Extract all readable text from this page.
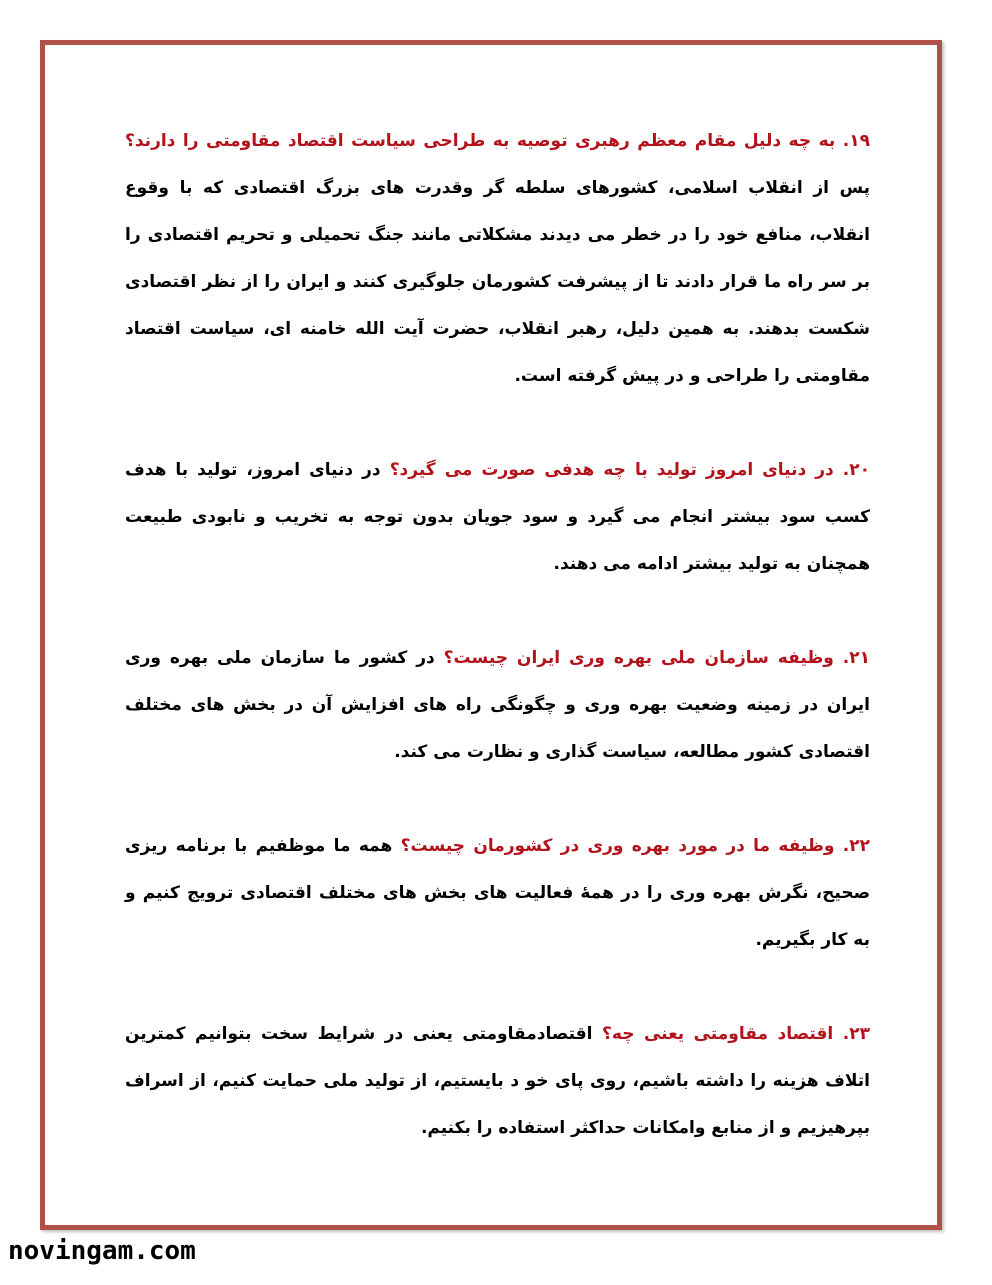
۱۹. به چه دلیل مقام معظم رهبری توصیه به طراحی سیاست اقتصاد مقاومتی را دارند؟ پس از انقلاب اسلامی، کشورهای سلطه گر وقدرت های بزرگ اقتصادی که با وقوع انقلاب، منافع خود را در خطر می دیدند مشکلاتی مانند جنگ تحمیلی و تحریم اقتصادی را بر سر راه ما قرار دادند تا از پیشرفت کشورمان جلوگیری کنند و ایران را از نظر اقتصادی شکست بدهند. به همین دلیل، رهبر انقلاب، حضرت آیت الله خامنه ای، سیاست اقتصاد مقاومتی را طراحی و در پیش گرفته است.

۲۰. در دنیای امروز تولید با چه هدفی صورت می گیرد؟ در دنیای امروز، تولید با هدف کسب سود بیشتر انجام می گیرد و سود جویان بدون توجه به تخریب و نابودی طبیعت همچنان به تولید بیشتر ادامه می دهند.

۲۱. وظیفه سازمان ملی بهره وری ایران چیست؟ در کشور ما سازمان ملی بهره وری ایران در زمینه وضعیت بهره وری و چگونگی راه های افزایش آن در بخش های مختلف اقتصادی کشور مطالعه، سیاست گذاری و نظارت می کند.

۲۲. وظیفه ما در مورد بهره وری در کشورمان چیست؟ همه ما موظفیم با برنامه ریزی صحیح، نگرش بهره وری را در همهٔ فعالیت های بخش های مختلف اقتصادی ترویج کنیم و به کار بگیریم.

۲۳. اقتصاد مقاومتی یعنی چه؟ اقتصادمقاومتی یعنی در شرایط سخت بتوانیم کمترین اتلاف هزینه را داشته باشیم، روی پای خو د بایستیم، از تولید ملی حمایت کنیم، از اسراف بپرهیزیم و از منابع وامکانات حداکثر استفاده را بکنیم.

novingam.com
